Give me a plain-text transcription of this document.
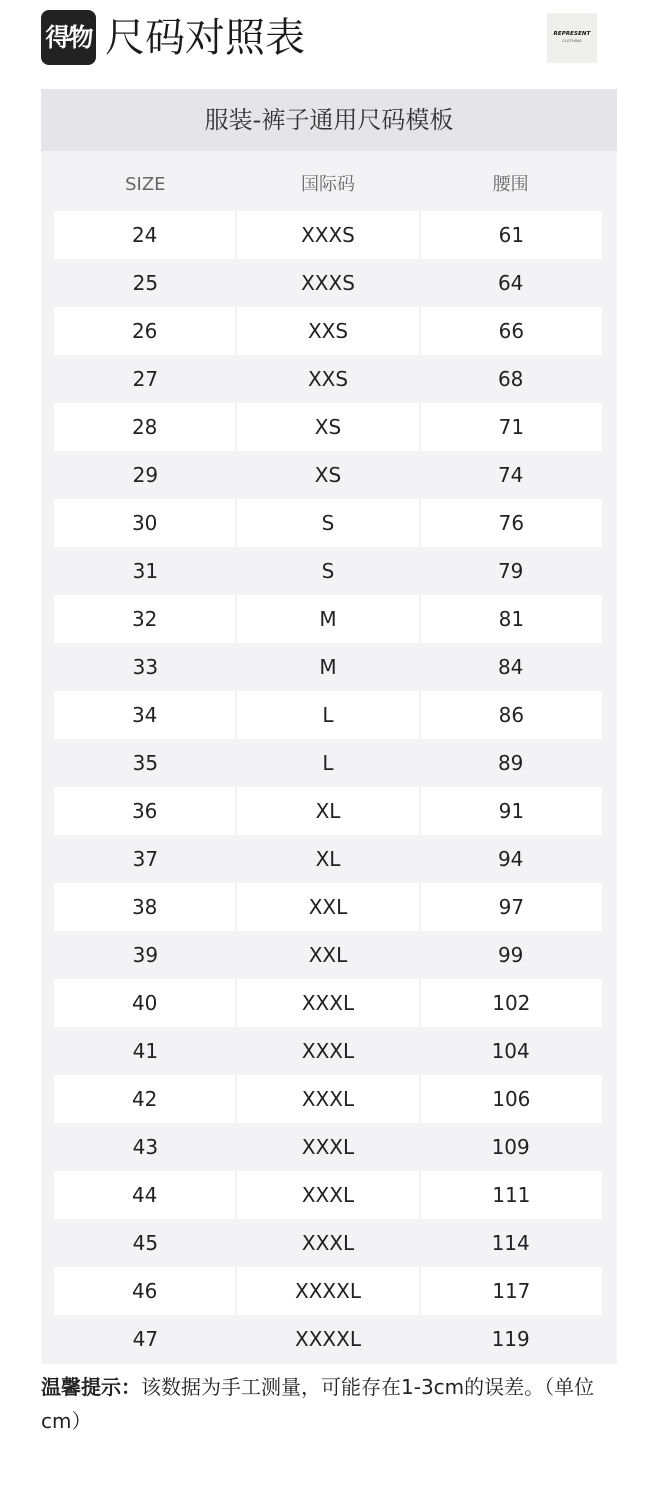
得物 尺码对照表	REPRESENT
CLOTHING
服装-裤子通用尺码模板
SIZE	国际码	腰围
24	XXXS	61
25	XXXS	64
26	XXS	66
27	XXS	68
28	XS	71
29	XS	74
30	S	76
31	S	79
32	M	81
33	M	84
34	L	86
35	L	89
36	XL	91
37	XL	94
38	XXL	97
39	XXL	99
40	XXXL	102
41	XXXL	104
42	XXXL	106
43	XXXL	109
44	XXXL	111
45	XXXL	114
46	XXXXL	117
47	XXXXL	119

温馨提示：该数据为手工测量，可能存在1-3cm的误差。（单位cm）
